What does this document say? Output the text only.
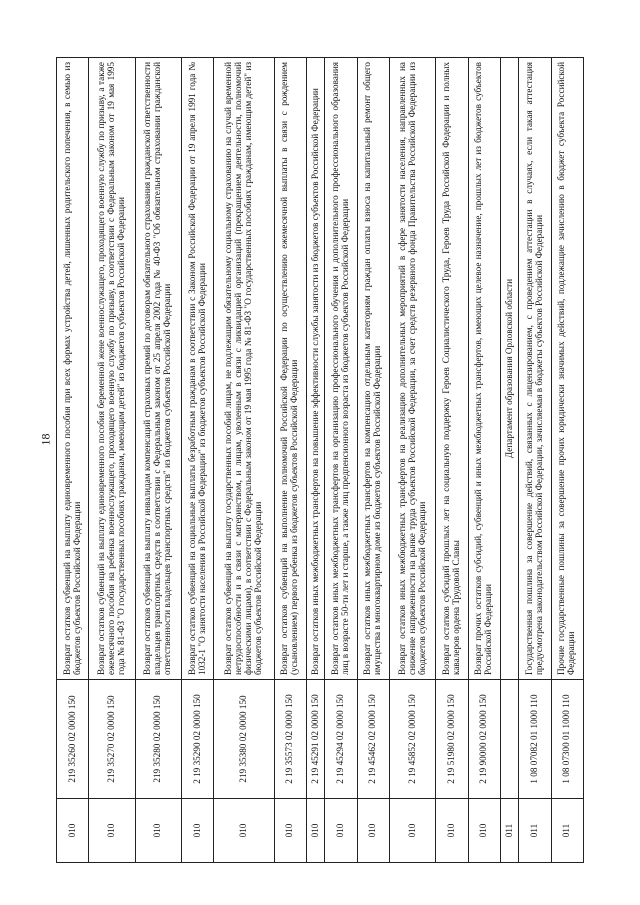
18
010	219 35260 02 0000 150	Возврат остатков субвенций на выплату единовременного пособия при всех формах устройства детей, лишенных родительского попечения, в семью из бюджетов субъектов Российской Федерации
010	219 35270 02 0000 150	Возврат остатков субвенций на выплату единовременного пособия беременной жене военнослужащего, проходящего военную службу по призыву, а также ежемесячного пособия на ребенка военнослужащего, проходящего военную службу по призыву, в соответствии с Федеральным законом от 19 мая 1995 года № 81-ФЗ "О государственных пособиях гражданам, имеющим детей" из бюджетов субъектов Российской Федерации
010	219 35280 02 0000 150	Возврат остатков субвенций на выплату инвалидам компенсаций страховых премий по договорам обязательного страхования гражданской ответственности владельцев транспортных средств в соответствии с Федеральным законом от 25 апреля 2002 года № 40-ФЗ "Об обязательном страховании гражданской ответственности владельцев транспортных средств" из бюджетов субъектов Российской Федерации
010	2 19 35290 02 0000 150	Возврат остатков субвенций на социальные выплаты безработным гражданам в соответствии с Законом Российской Федерации от 19 апреля 1991 года № 1032-1 "О занятости населения в Российской Федерации" из бюджетов субъектов Российской Федерации
010	219 35380 02 0000 150	Возврат остатков субвенций на выплату государственных пособий лицам, не подлежащим обязательному социальному страхованию на случай временной нетрудоспособности и в связи с материнством, и лицам, уволенным в связи с ликвидацией организаций (прекращением деятельности, полномочий физическими лицами), в соответствии с Федеральным законом от 19 мая 1995 года № 81-ФЗ "О государственных пособиях гражданам, имеющим детей" из бюджетов субъектов Российской Федерации
010	2 19 35573 02 0000 150	Возврат остатков субвенций на выполнение полномочий Российской Федерации по осуществлению ежемесячной выплаты в связи с рождением (усыновлением) первого ребенка из бюджетов субъектов Российской Федерации
010	2 19 45291 02 0000 150	Возврат остатков иных межбюджетных трансфертов на повышение эффективности службы занятости из бюджетов субъектов Российской Федерации
010	2 19 45294 02 0000 150	Возврат остатков иных межбюджетных трансфертов на организацию профессионального обучения и дополнительного профессионального образования лиц в возрасте 50-ти лет и старше, а также лиц предпенсионного возраста из бюджетов субъектов Российской Федерации
010	2 19 45462 02 0000 150	Возврат остатков иных межбюджетных трансфертов на компенсацию отдельным категориям граждан оплаты взноса на капитальный ремонт общего имущества в многоквартирном доме из бюджетов субъектов Российской Федерации
010	2 19 45852 02 0000 150	Возврат остатков иных межбюджетных трансфертов на реализацию дополнительных мероприятий в сфере занятости населения, направленных на снижение напряженности на рынке труда субъектов Российской Федерации, за счет средств резервного фонда Правительства Российской Федерации из бюджетов субъектов Российской Федерации
010	2 19 51980 02 0000 150	Возврат остатков субсидий прошлых лет на социальную поддержку Героев Социалистического Труда, Героев Труда Российской Федерации и полных кавалеров ордена Трудовой Славы
010	2 19 90000 02 0000 150	Возврат прочих остатков субсидий, субвенций и иных межбюджетных трансфертов, имеющих целевое назначение, прошлых лет из бюджетов субъектов Российской Федерации
011		Департамент образования Орловской области
011	1 08 07082 01 1000 110	Государственная пошлина за совершение действий, связанных с лицензированием, с проведением аттестации в случаях, если такая аттестация предусмотрена законодательством Российской Федерации, зачисляемая в бюджеты субъектов Российской Федерации
011	1 08 07300 01 1000 110	Прочие государственные пошлины за совершение прочих юридически значимых действий, подлежащие зачислению в бюджет субъекта Российской Федерации
